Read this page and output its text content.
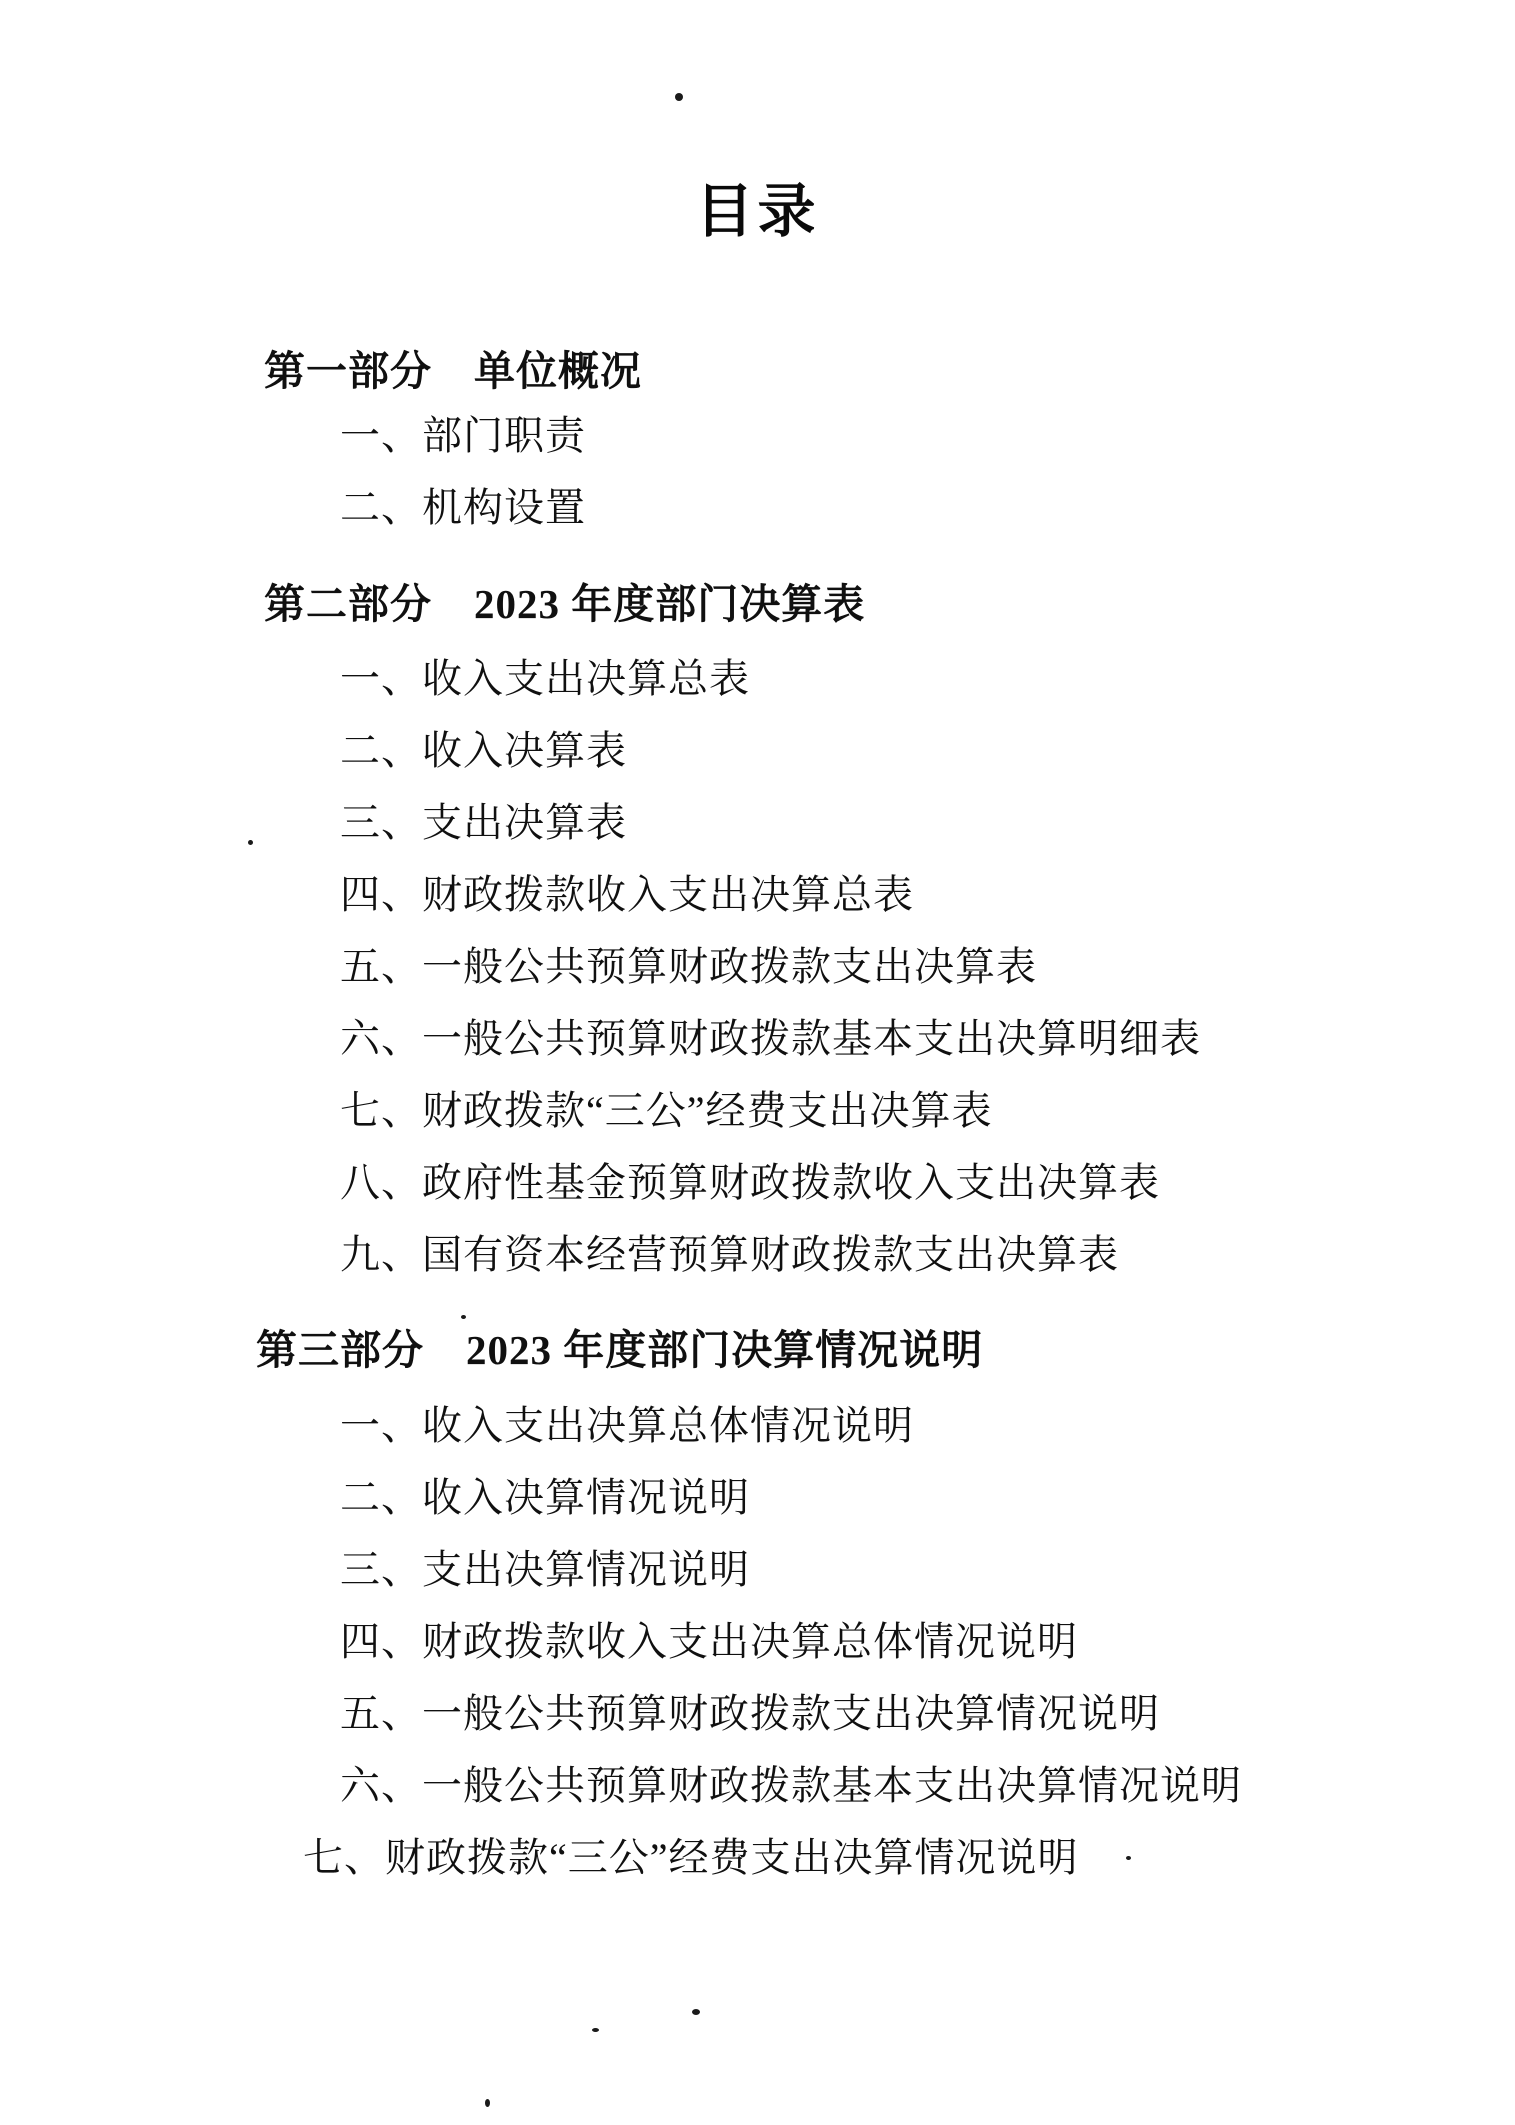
目录
第一部分　单位概况
一、部门职责
二、机构设置
第二部分　2023 年度部门决算表
一、收入支出决算总表
二、收入决算表
三、支出决算表
四、财政拨款收入支出决算总表
五、一般公共预算财政拨款支出决算表
六、一般公共预算财政拨款基本支出决算明细表
七、财政拨款“三公”经费支出决算表
八、政府性基金预算财政拨款收入支出决算表
九、国有资本经营预算财政拨款支出决算表
第三部分　2023 年度部门决算情况说明
一、收入支出决算总体情况说明
二、收入决算情况说明
三、支出决算情况说明
四、财政拨款收入支出决算总体情况说明
五、一般公共预算财政拨款支出决算情况说明
六、一般公共预算财政拨款基本支出决算情况说明
七、财政拨款“三公”经费支出决算情况说明
